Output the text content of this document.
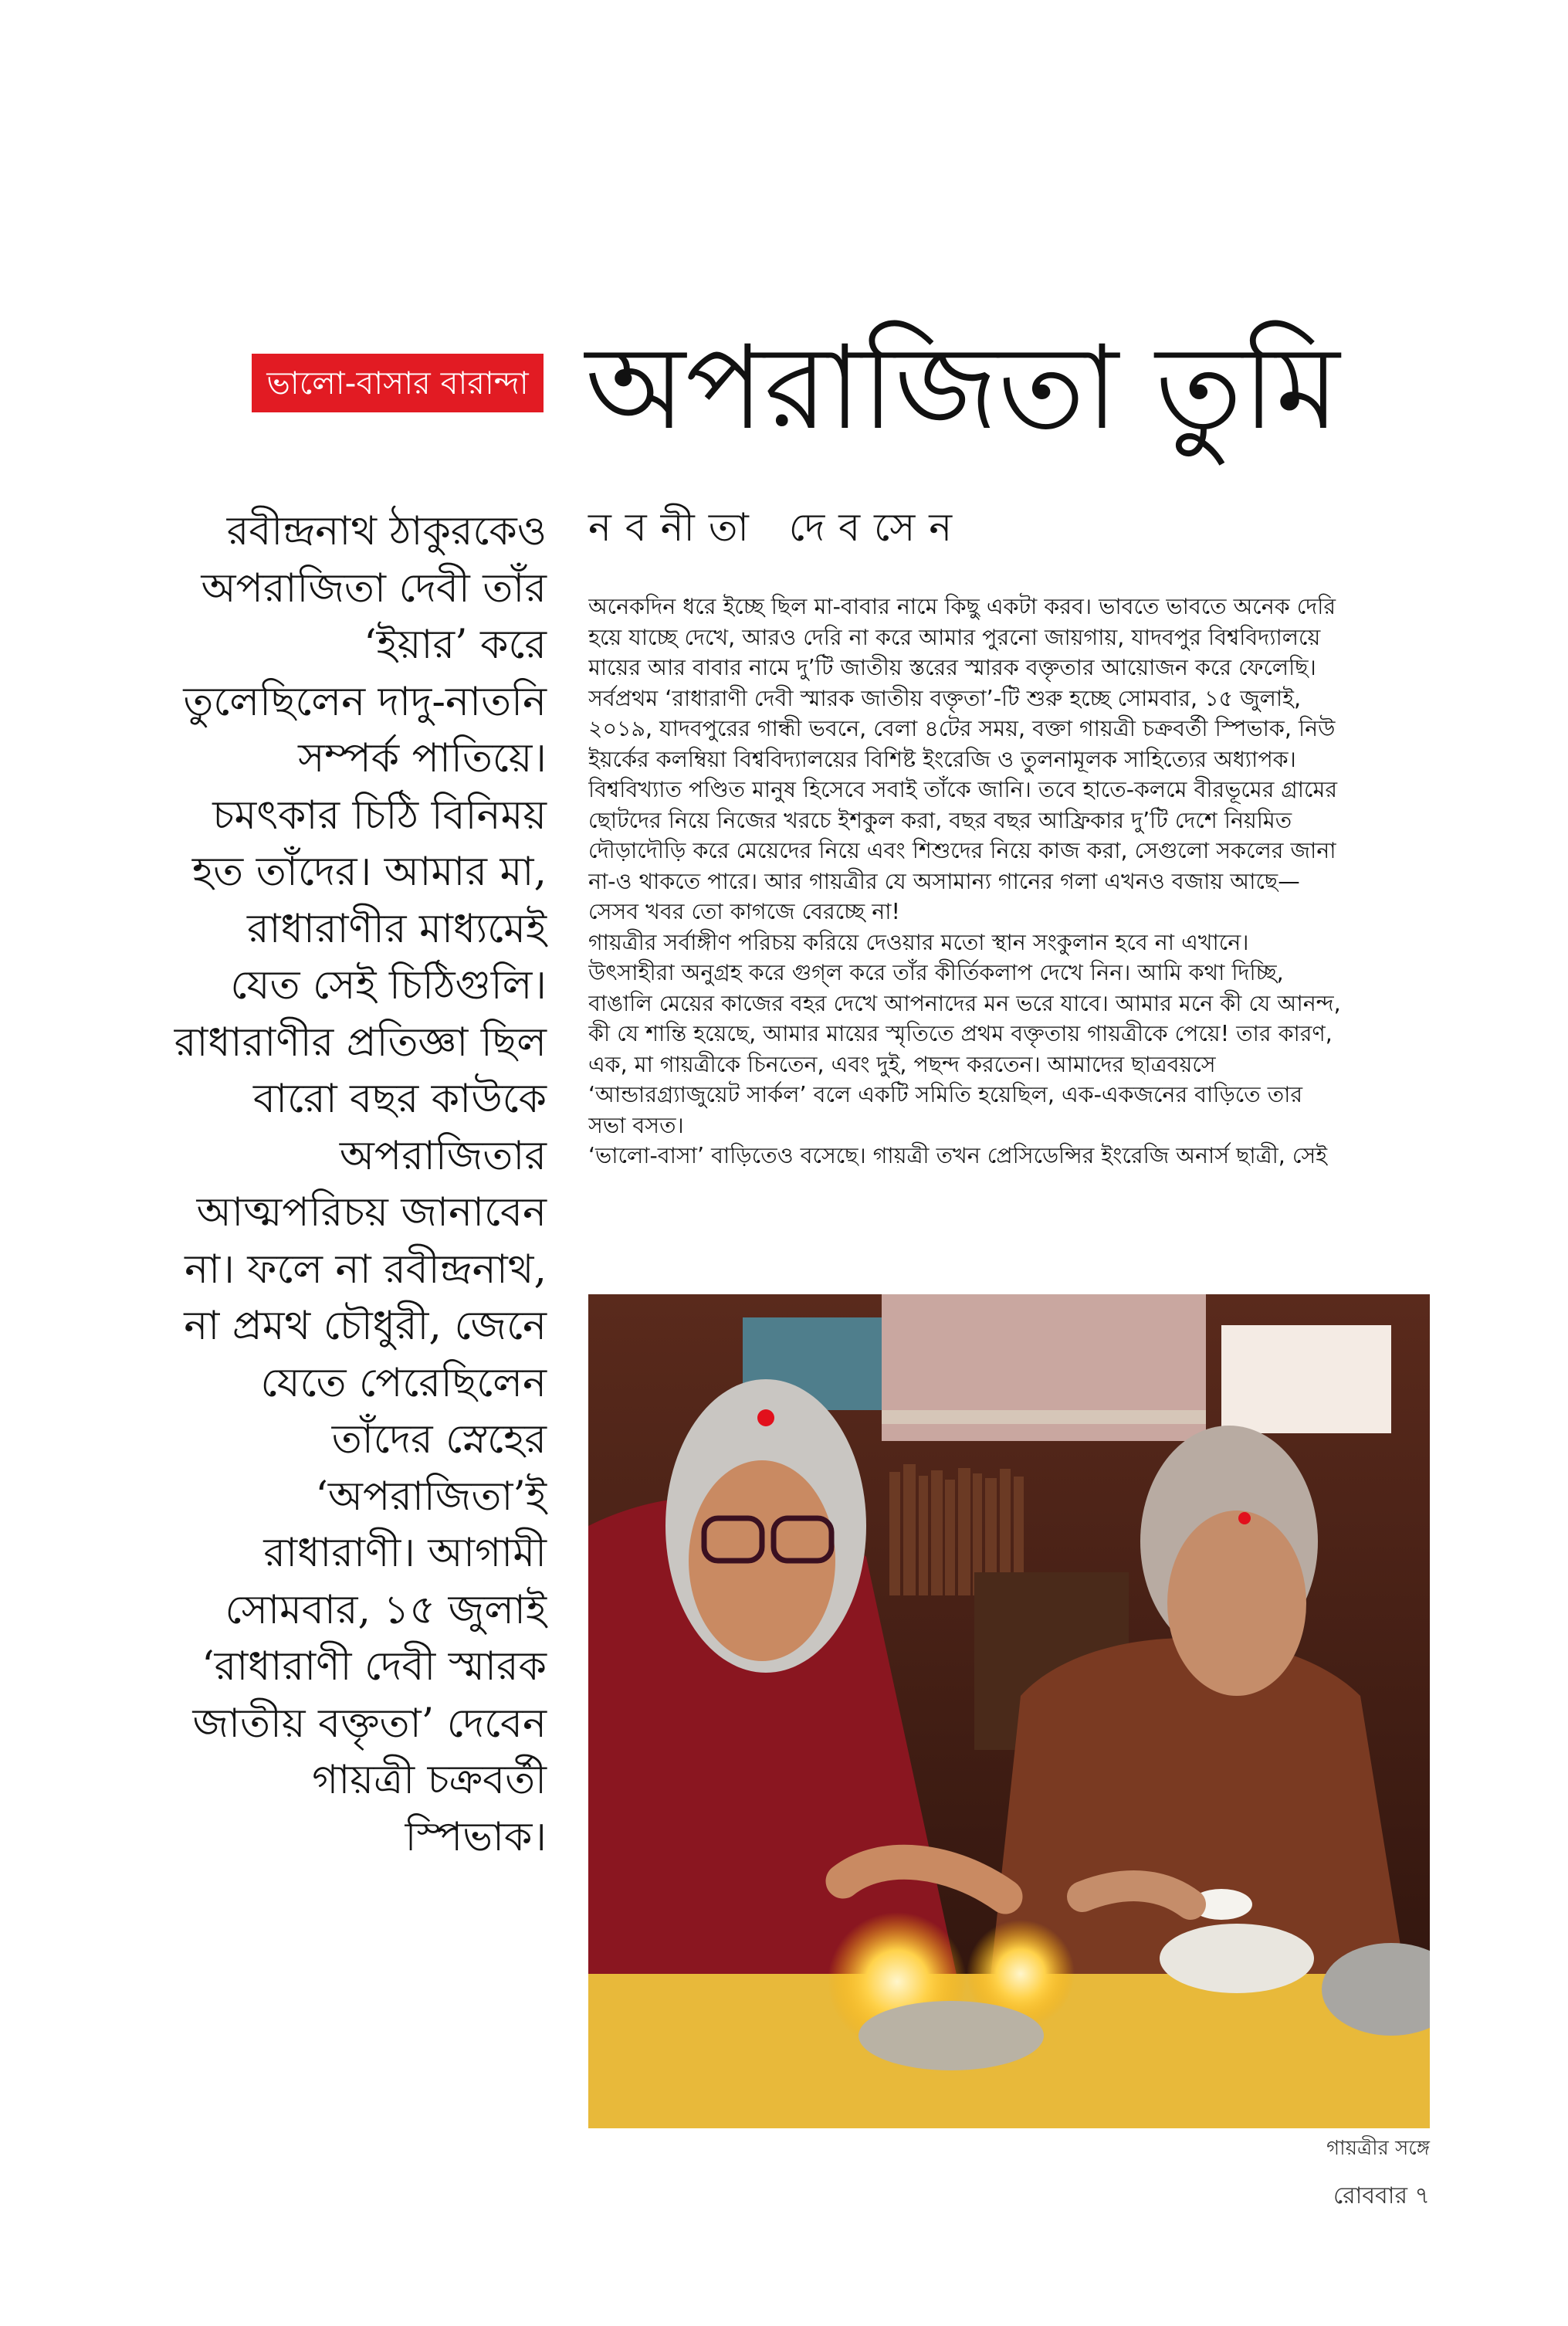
ভালো-বাসার বারান্দা অপরাজিতা তুমি
নবনীতা দেবসেন
রবীন্দ্রনাথ ঠাকুরকেও
অপরাজিতা দেবী তাঁর
‘ইয়ার’ করে
তুলেছিলেন দাদু-নাতনি
সম্পর্ক পাতিয়ে।
চমৎকার চিঠি বিনিময়
হত তাঁদের। আমার মা,
রাধারাণীর মাধ্যমেই
যেত সেই চিঠিগুলি।
রাধারাণীর প্রতিজ্ঞা ছিল
বারো বছর কাউকে
অপরাজিতার
আত্মপরিচয় জানাবেন
না। ফলে না রবীন্দ্রনাথ,
না প্রমথ চৌধুরী, জেনে
যেতে পেরেছিলেন
তাঁদের স্নেহের
‘অপরাজিতা’ই
রাধারাণী। আগামী
সোমবার, ১৫ জুলাই
‘রাধারাণী দেবী স্মারক
জাতীয় বক্তৃতা’ দেবেন
গায়ত্রী চক্রবর্তী
স্পিভাক।
অনেকদিন ধরে ইচ্ছে ছিল মা-বাবার নামে কিছু একটা করব। ভাবতে ভাবতে অনেক দেরি
হয়ে যাচ্ছে দেখে, আরও দেরি না করে আমার পুরনো জায়গায়, যাদবপুর বিশ্ববিদ্যালয়ে
মায়ের আর বাবার নামে দু’টি জাতীয় স্তরের স্মারক বক্তৃতার আয়োজন করে ফেলেছি।
সর্বপ্রথম ‘রাধারাণী দেবী স্মারক জাতীয় বক্তৃতা’-টি শুরু হচ্ছে সোমবার, ১৫ জুলাই,
২০১৯, যাদবপুরের গান্ধী ভবনে, বেলা ৪টের সময়, বক্তা গায়ত্রী চক্রবর্তী স্পিভাক, নিউ
ইয়র্কের কলম্বিয়া বিশ্ববিদ্যালয়ের বিশিষ্ট ইংরেজি ও তুলনামূলক সাহিত্যের অধ্যাপক।
বিশ্ববিখ্যাত পণ্ডিত মানুষ হিসেবে সবাই তাঁকে জানি। তবে হাতে-কলমে বীরভূমের গ্রামের
ছোটদের নিয়ে নিজের খরচে ইশকুল করা, বছর বছর আফ্রিকার দু’টি দেশে নিয়মিত
দৌড়াদৌড়ি করে মেয়েদের নিয়ে এবং শিশুদের নিয়ে কাজ করা, সেগুলো সকলের জানা
না-ও থাকতে পারে। আর গায়ত্রীর যে অসামান্য গানের গলা এখনও বজায় আছে—
সেসব খবর তো কাগজে বেরচ্ছে না!
গায়ত্রীর সর্বাঙ্গীণ পরিচয় করিয়ে দেওয়ার মতো স্থান সংকুলান হবে না এখানে।
উৎসাহীরা অনুগ্রহ করে গুগ্‌ল করে তাঁর কীর্তিকলাপ দেখে নিন। আমি কথা দিচ্ছি,
বাঙালি মেয়ের কাজের বহর দেখে আপনাদের মন ভরে যাবে। আমার মনে কী যে আনন্দ,
কী যে শান্তি হয়েছে, আমার মায়ের স্মৃতিতে প্রথম বক্তৃতায় গায়ত্রীকে পেয়ে! তার কারণ,
এক, মা গায়ত্রীকে চিনতেন, এবং দুই, পছন্দ করতেন। আমাদের ছাত্রবয়সে
‘আন্ডারগ্র্যাজুয়েট সার্কল’ বলে একটি সমিতি হয়েছিল, এক-একজনের বাড়িতে তার
সভা বসত।
‘ভালো-বাসা’ বাড়িতেও বসেছে। গায়ত্রী তখন প্রেসিডেন্সির ইংরেজি অনার্স ছাত্রী, সেই
গায়ত্রীর সঙ্গে
রোববার ৭
